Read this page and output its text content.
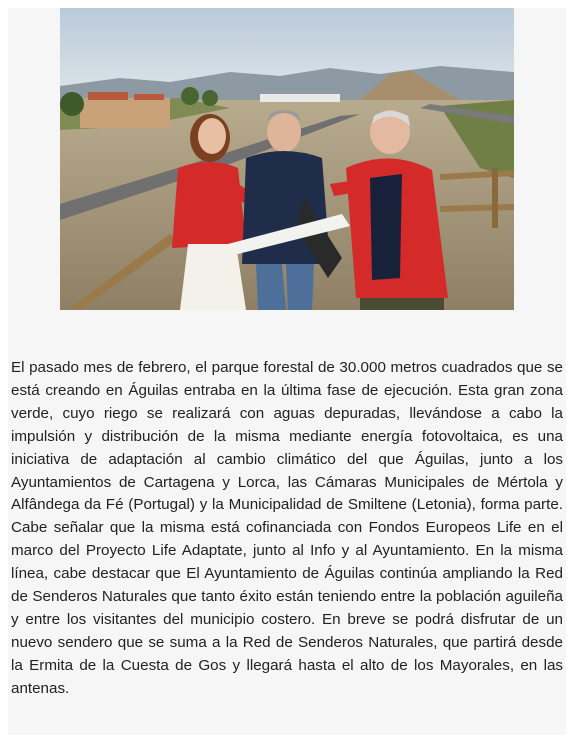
El pasado mes de febrero, el parque forestal de 30.000 metros cuadrados que se está creando en Águilas entraba en la última fase de ejecución. Esta gran zona verde, cuyo riego se realizará con aguas depuradas, llevándose a cabo la impulsión y distribución de la misma mediante energía fotovoltaica, es una iniciativa de adaptación al cambio climático del que Águilas, junto a los Ayuntamientos de Cartagena y Lorca, las Cámaras Municipales de Mértola y Alfândega da Fé (Portugal) y la Municipalidad de Smiltene (Letonia), forma parte. Cabe señalar que la misma está cofinanciada con Fondos Europeos Life en el marco del Proyecto Life Adaptate, junto al Info y al Ayuntamiento. En la misma línea, cabe destacar que El Ayuntamiento de Águilas continúa ampliando la Red de Senderos Naturales que tanto éxito están teniendo entre la población aguileña y entre los visitantes del municipio costero. En breve se podrá disfrutar de un nuevo sendero que se suma a la Red de Senderos Naturales, que partirá desde la Ermita de la Cuesta de Gos y llegará hasta el alto de los Mayorales, en las antenas.
